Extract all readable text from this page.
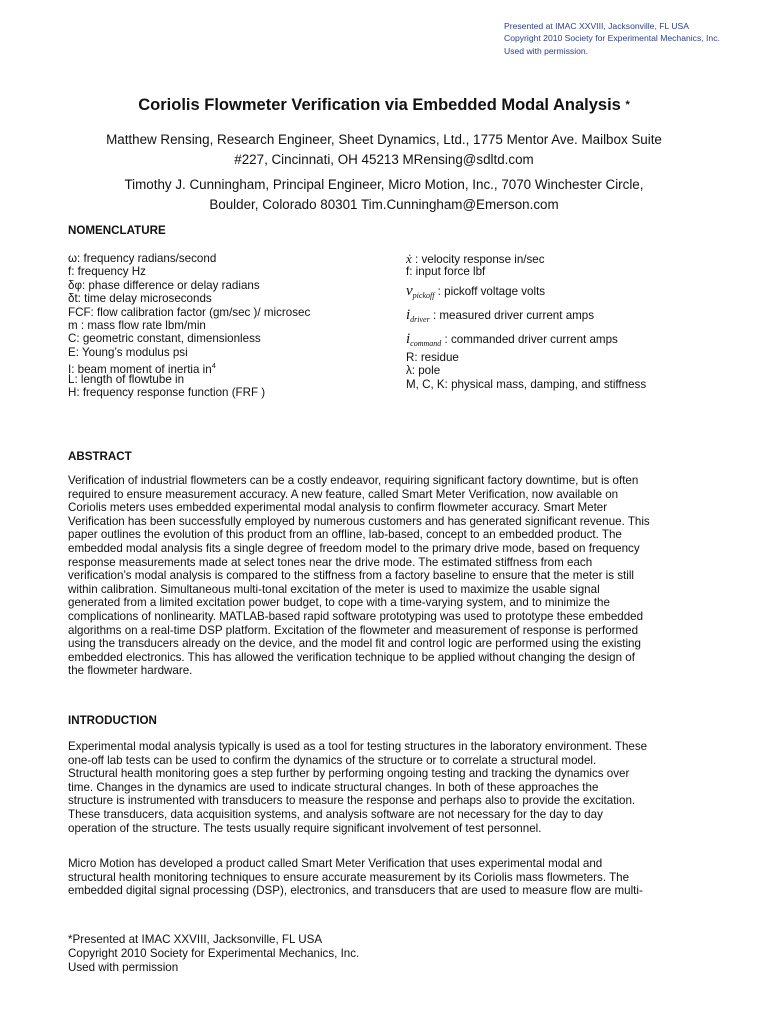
Presented at IMAC XXVIII, Jacksonville, FL USA
Copyright 2010 Society for Experimental Mechanics, Inc.
Used with permission.
Coriolis Flowmeter Verification via Embedded Modal Analysis *
Matthew Rensing, Research Engineer, Sheet Dynamics, Ltd., 1775 Mentor Ave. Mailbox Suite
#227, Cincinnati, OH 45213 MRensing@sdltd.com
Timothy J. Cunningham, Principal Engineer, Micro Motion, Inc., 7070 Winchester Circle,
Boulder, Colorado 80301 Tim.Cunningham@Emerson.com
NOMENCLATURE
ω: frequency radians/second
f: frequency Hz
δφ: phase difference or delay radians
δt: time delay microseconds
FCF: flow calibration factor (gm/sec )/ microsec
m : mass flow rate lbm/min
C: geometric constant, dimensionless
E: Young’s modulus psi
I: beam moment of inertia $in^4$
L: length of flowtube in
H: frequency response function (FRF )
ẋ : velocity response in/sec
f: input force lbf
$v_{pickoff}$ : pickoff voltage volts
$i_{driver}$ : measured driver current amps
$i_{command}$ : commanded driver current amps
R: residue
λ: pole
M, C, K: physical mass, damping, and stiffness
ABSTRACT
Verification of industrial flowmeters can be a costly endeavor, requiring significant factory downtime, but is often
required to ensure measurement accuracy. A new feature, called Smart Meter Verification, now available on
Coriolis meters uses embedded experimental modal analysis to confirm flowmeter accuracy. Smart Meter
Verification has been successfully employed by numerous customers and has generated significant revenue. This
paper outlines the evolution of this product from an offline, lab-based, concept to an embedded product. The
embedded modal analysis fits a single degree of freedom model to the primary drive mode, based on frequency
response measurements made at select tones near the drive mode. The estimated stiffness from each
verification’s modal analysis is compared to the stiffness from a factory baseline to ensure that the meter is still
within calibration. Simultaneous multi-tonal excitation of the meter is used to maximize the usable signal
generated from a limited excitation power budget, to cope with a time-varying system, and to minimize the
complications of nonlinearity. MATLAB-based rapid software prototyping was used to prototype these embedded
algorithms on a real-time DSP platform. Excitation of the flowmeter and measurement of response is performed
using the transducers already on the device, and the model fit and control logic are performed using the existing
embedded electronics. This has allowed the verification technique to be applied without changing the design of
the flowmeter hardware.
INTRODUCTION
Experimental modal analysis typically is used as a tool for testing structures in the laboratory environment. These
one-off lab tests can be used to confirm the dynamics of the structure or to correlate a structural model.
Structural health monitoring goes a step further by performing ongoing testing and tracking the dynamics over
time. Changes in the dynamics are used to indicate structural changes. In both of these approaches the
structure is instrumented with transducers to measure the response and perhaps also to provide the excitation.
These transducers, data acquisition systems, and analysis software are not necessary for the day to day
operation of the structure. The tests usually require significant involvement of test personnel.
Micro Motion has developed a product called Smart Meter Verification that uses experimental modal and
structural health monitoring techniques to ensure accurate measurement by its Coriolis mass flowmeters. The
embedded digital signal processing (DSP), electronics, and transducers that are used to measure flow are multi-
*Presented at IMAC XXVIII, Jacksonville, FL USA
Copyright 2010 Society for Experimental Mechanics, Inc.
Used with permission
